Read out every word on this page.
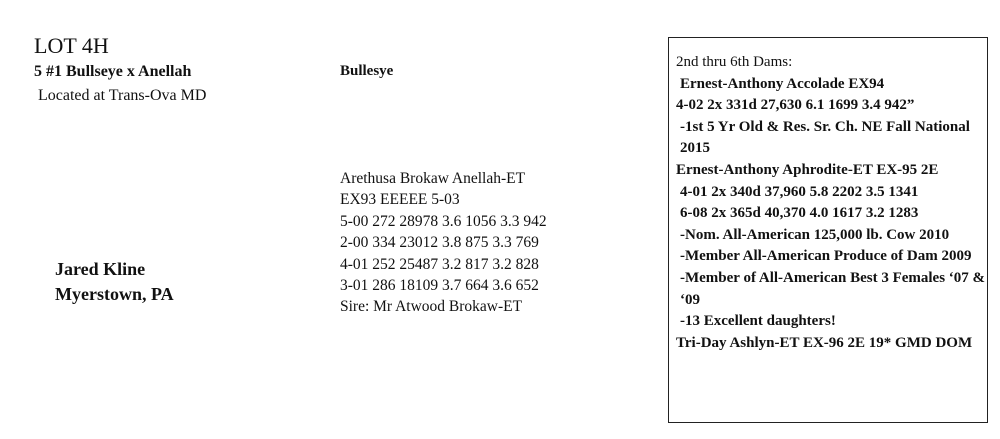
LOT 4H
5 #1 Bullseye x Anellah
Located at Trans-Ova MD
Jared Kline
Myerstown, PA
Bullesye
Arethusa Brokaw Anellah-ET
EX93 EEEEE 5-03
5-00 272 28978 3.6 1056 3.3 942
2-00 334 23012 3.8 875 3.3 769
4-01 252 25487 3.2 817 3.2 828
3-01 286 18109 3.7 664 3.6 652
Sire: Mr Atwood Brokaw-ET
2nd thru 6th Dams:
Ernest-Anthony Accolade EX94
4-02 2x 331d 27,630 6.1 1699 3.4 942”
-1st 5 Yr Old & Res. Sr. Ch. NE Fall National 2015
Ernest-Anthony Aphrodite-ET EX-95 2E
4-01 2x 340d 37,960 5.8 2202 3.5 1341
6-08 2x 365d 40,370 4.0 1617 3.2 1283
-Nom. All-American 125,000 lb. Cow 2010
-Member All-American Produce of Dam 2009
-Member of All-American Best 3 Females ‘07 & ‘09
-13 Excellent daughters!
Tri-Day Ashlyn-ET EX-96 2E 19* GMD DOM
